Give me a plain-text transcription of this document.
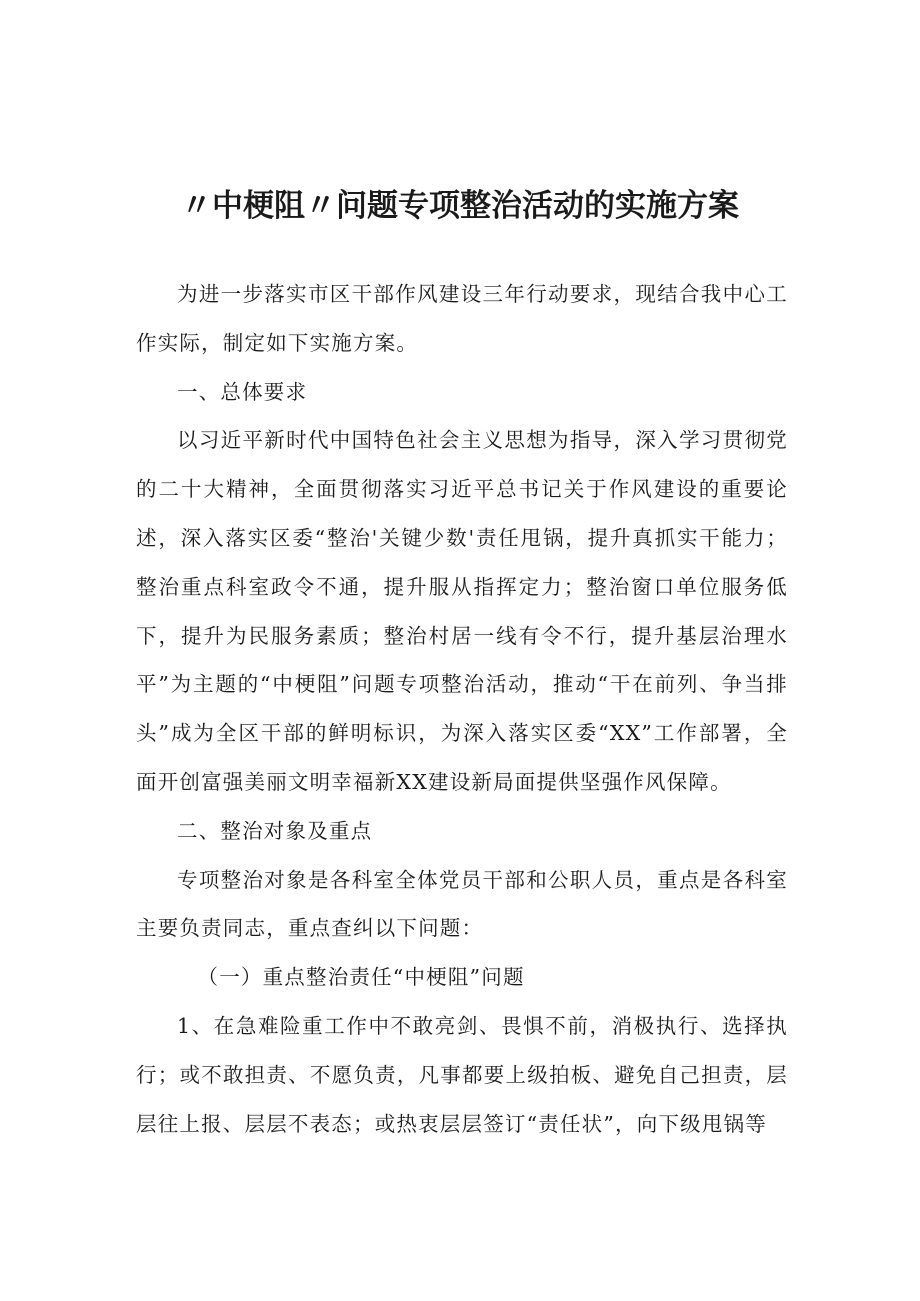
〃中梗阻〃问题专项整治活动的实施方案

为进一步落实市区干部作风建设三年行动要求，现结合我中心工作实际，制定如下实施方案。

一、总体要求

以习近平新时代中国特色社会主义思想为指导，深入学习贯彻党的二十大精神，全面贯彻落实习近平总书记关于作风建设的重要论述，深入落实区委“整治'关键少数'责任甩锅，提升真抓实干能力；整治重点科室政令不通，提升服从指挥定力；整治窗口单位服务低下，提升为民服务素质；整治村居一线有令不行，提升基层治理水平”为主题的“中梗阻”问题专项整治活动，推动“干在前列、争当排头”成为全区干部的鲜明标识，为深入落实区委“XX”工作部署，全面开创富强美丽文明幸福新XX建设新局面提供坚强作风保障。

二、整治对象及重点

专项整治对象是各科室全体党员干部和公职人员，重点是各科室主要负责同志，重点查纠以下问题：

（一）重点整治责任“中梗阻”问题

1、在急难险重工作中不敢亮剑、畏惧不前，消极执行、选择执行；或不敢担责、不愿负责，凡事都要上级拍板、避免自己担责，层层往上报、层层不表态；或热衷层层签订“责任状”，向下级甩锅等
